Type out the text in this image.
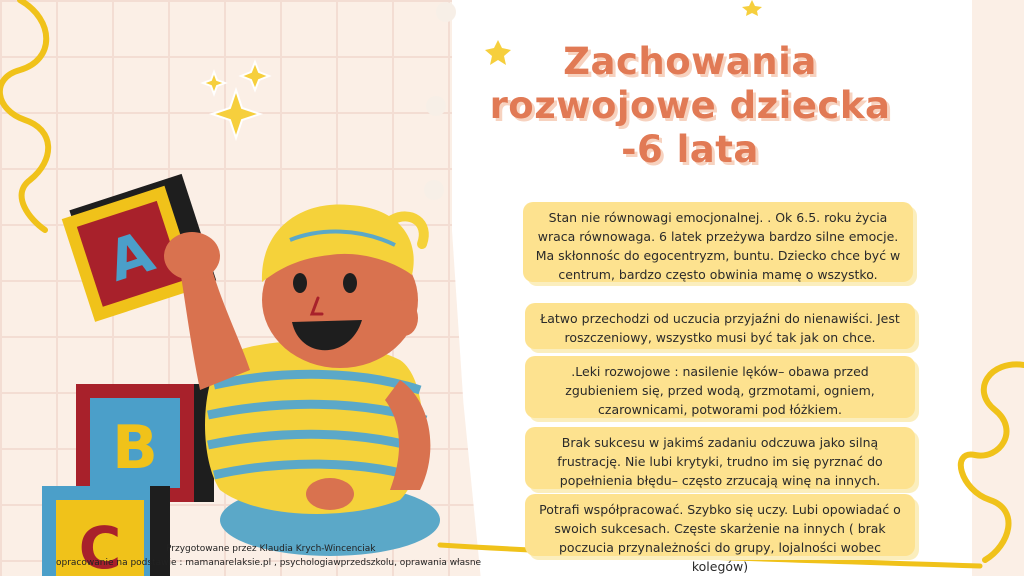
A
B
C
Zachowania
rozwojowe dziecka
-6 lata
Stan nie równowagi emocjonalnej. . Ok 6.5. roku życia wraca równowaga. 6 latek przeżywa bardzo silne emocje. Ma skłonnośc do egocentryzm, buntu. Dziecko chce być w centrum, bardzo często obwinia mamę o wszystko.
Łatwo przechodzi od uczucia przyjaźni do nienawiści. Jest roszczeniowy, wszystko musi być tak jak on chce.
.Leki rozwojowe : nasilenie lęków– obawa przed zgubieniem się, przed wodą, grzmotami, ogniem, czarownicami, potworami pod łóżkiem.
Brak sukcesu w jakimś zadaniu odczuwa jako silną frustrację. Nie lubi krytyki, trudno im się pyrznać do popełnienia błędu– często zrzucają winę na innych.
Potrafi współpracować. Szybko się uczy. Lubi opowiadać o swoich sukcesach. Częste skarżenie na innych ( brak poczucia przynależności do grupy, lojalności wobec kolegów)
Przygotowane przez Klaudia Krych-Wincenciak
opracowanie na podstawie : mamanarelaksie.pl , psychologiawprzedszkolu, oprawania własne
